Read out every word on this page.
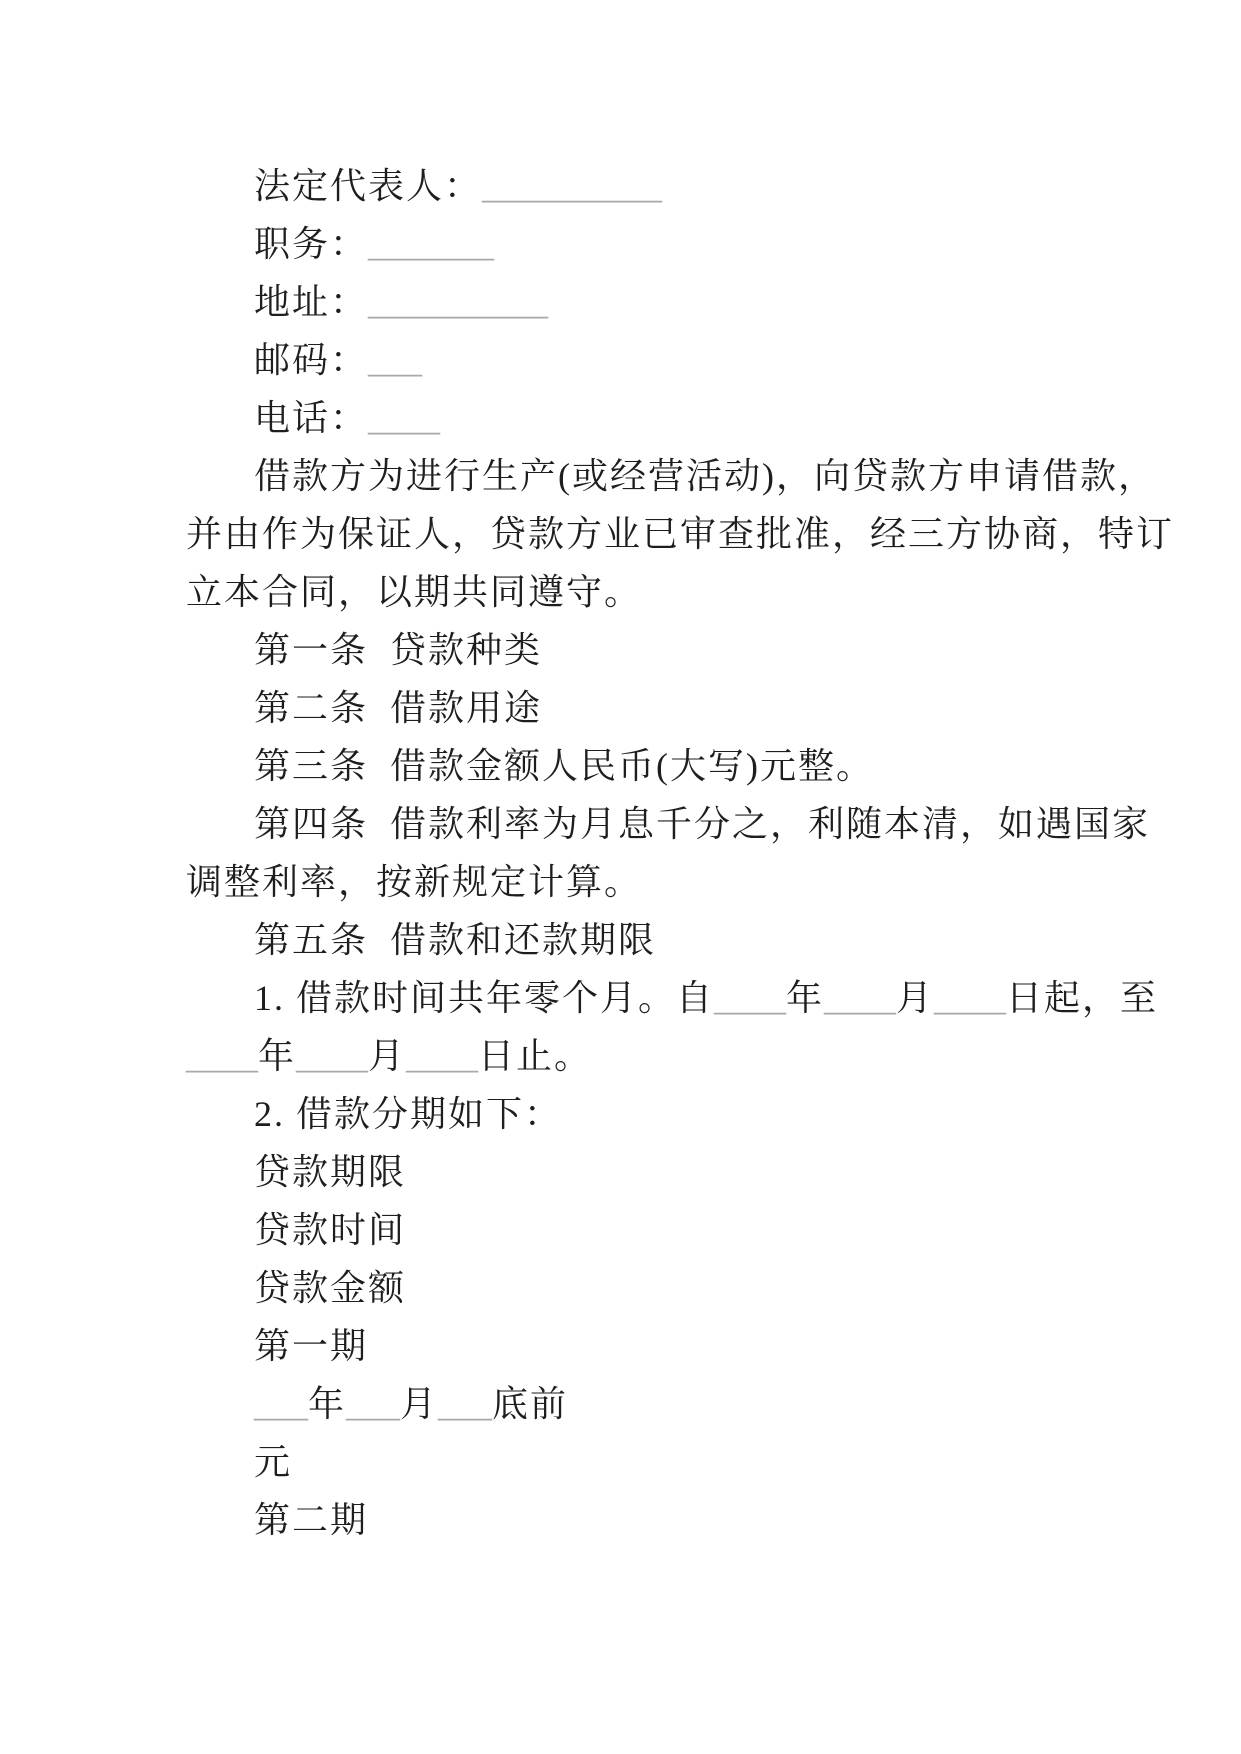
法定代表人：__________
职务：_______
地址：__________
邮码：___
电话：____
借款方为进行生产(或经营活动)，向贷款方申请借款，
并由作为保证人，贷款方业已审查批准，经三方协商，特订
立本合同，以期共同遵守。
第一条  贷款种类
第二条  借款用途
第三条  借款金额人民币(大写)元整。
第四条  借款利率为月息千分之，利随本清，如遇国家
调整利率，按新规定计算。
第五条  借款和还款期限
1. 借款时间共年零个月。自____年____月____日起，至
____年____月____日止。
2. 借款分期如下：
贷款期限
贷款时间
贷款金额
第一期
___年___月___底前
元
第二期
